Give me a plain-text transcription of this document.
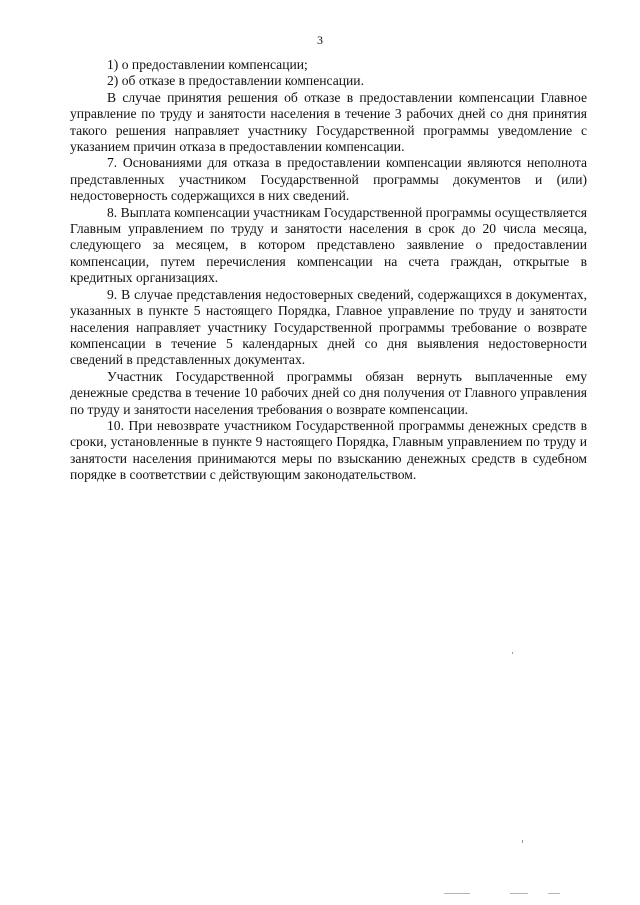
3

1) о предоставлении компенсации;

2) об отказе в предоставлении компенсации.

В случае принятия решения об отказе в предоставлении компенсации Главное управление по труду и занятости населения в течение 3 рабочих дней со дня принятия такого решения направляет участнику Государственной программы уведомление с указанием причин отказа в предоставлении компенсации.

7. Основаниями для отказа в предоставлении компенсации являются неполнота представленных участником Государственной программы документов и (или) недостоверность содержащихся в них сведений.

8. Выплата компенсации участникам Государственной программы осуществляется Главным управлением по труду и занятости населения в срок до 20 числа месяца, следующего за месяцем, в котором представлено заявление о предоставлении компенсации, путем перечисления компенсации на счета граждан, открытые в кредитных организациях.

9. В случае представления недостоверных сведений, содержащихся в документах, указанных в пункте 5 настоящего Порядка, Главное управление по труду и занятости населения направляет участнику Государственной программы требование о возврате компенсации в течение 5 календарных дней со дня выявления недостоверности сведений в представленных документах.

Участник Государственной программы обязан вернуть выплаченные ему денежные средства в течение 10 рабочих дней со дня получения от Главного управления по труду и занятости населения требования о возврате компенсации.

10. При невозврате участником Государственной программы денежных средств в сроки, установленные в пункте 9 настоящего Порядка, Главным управлением по труду и занятости населения принимаются меры по взысканию денежных средств в судебном порядке в соответствии с действующим законодательством.
